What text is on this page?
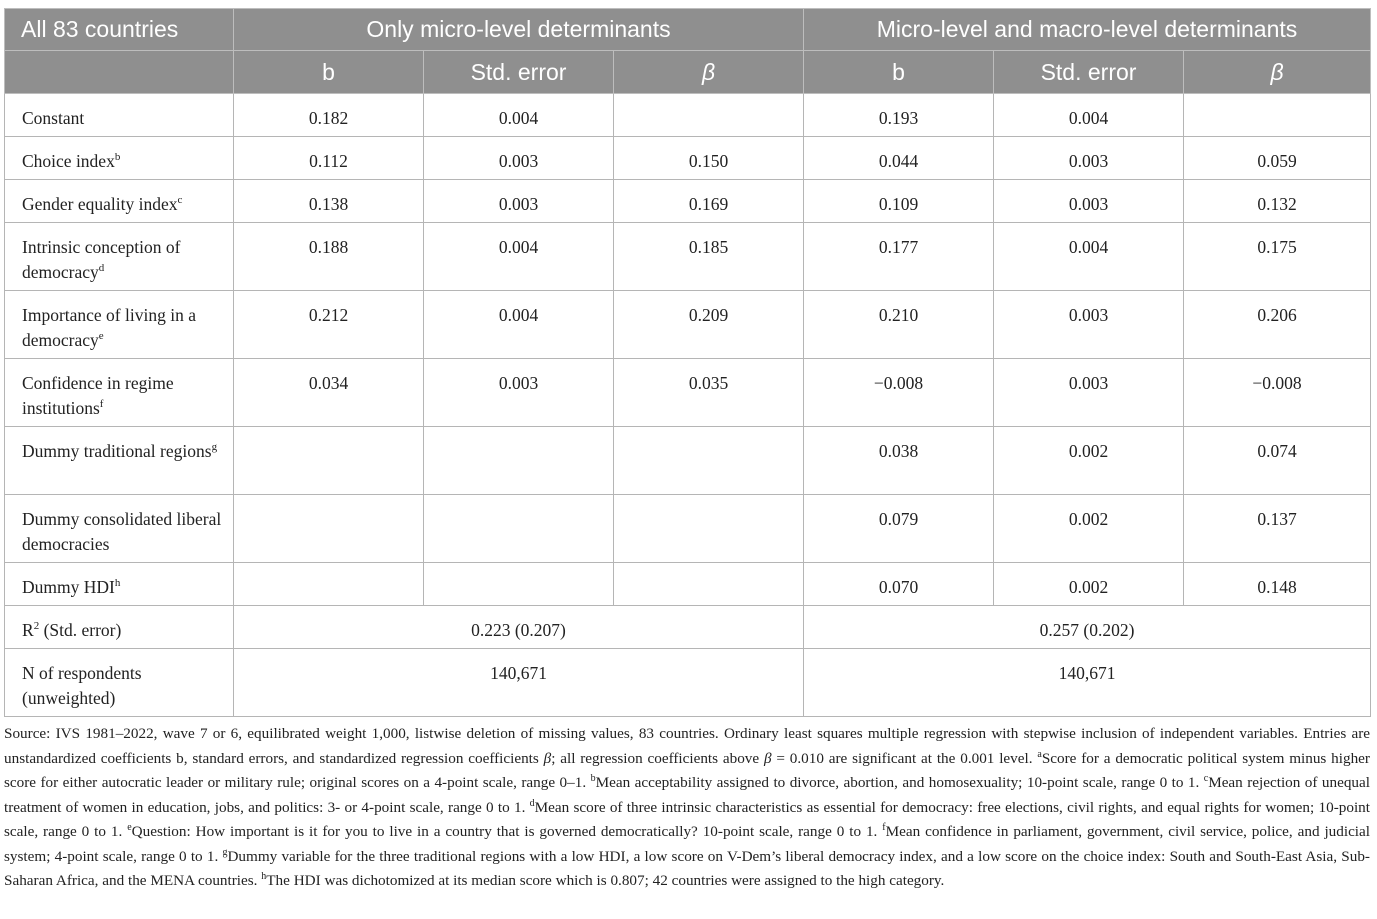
All 83 countries	Only micro-level determinants			Micro-level and macro-level determinants		
	b	Std. error	β	b	Std. error	β
Constant	0.182	0.004		0.193	0.004	
Choice index$^b$	0.112	0.003	0.150	0.044	0.003	0.059
Gender equality index$^c$	0.138	0.003	0.169	0.109	0.003	0.132
Intrinsic conception of democracy$^d$	0.188	0.004	0.185	0.177	0.004	0.175
Importance of living in a democracy$^e$	0.212	0.004	0.209	0.210	0.003	0.206
Confidence in regime institutions$^f$	0.034	0.003	0.035	−0.008	0.003	−0.008
Dummy traditional regions$^g$				0.038	0.002	0.074
Dummy consolidated liberal democracies				0.079	0.002	0.137
Dummy HDI$^h$				0.070	0.002	0.148
$R^2$ (Std. error)	0.223 (0.207)			0.257 (0.202)		
N of respondents (unweighted)	140,671			140,671		
Source: IVS 1981–2022, wave 7 or 6, equilibrated weight 1,000, listwise deletion of missing values, 83 countries. Ordinary least squares multiple regression with stepwise inclusion of independent variables. Entries are unstandardized coefficients b, standard errors, and standardized regression coefficients β; all regression coefficients above β = 0.010 are significant at the 0.001 level. $^a$Score for a democratic political system minus higher score for either autocratic leader or military rule; original scores on a 4-point scale, range 0–1. $^b$Mean acceptability assigned to divorce, abortion, and homosexuality; 10-point scale, range 0 to 1. $^c$Mean rejection of unequal treatment of women in education, jobs, and politics: 3- or 4-point scale, range 0 to 1. $^d$Mean score of three intrinsic characteristics as essential for democracy: free elections, civil rights, and equal rights for women; 10-point scale, range 0 to 1. $^e$Question: How important is it for you to live in a country that is governed democratically? 10-point scale, range 0 to 1. $^f$Mean confidence in parliament, government, civil service, police, and judicial system; 4-point scale, range 0 to 1. $^g$Dummy variable for the three traditional regions with a low HDI, a low score on V-Dem’s liberal democracy index, and a low score on the choice index: South and South-East Asia, Sub-Saharan Africa, and the MENA countries. $^h$The HDI was dichotomized at its median score which is 0.807; 42 countries were assigned to the high category.
